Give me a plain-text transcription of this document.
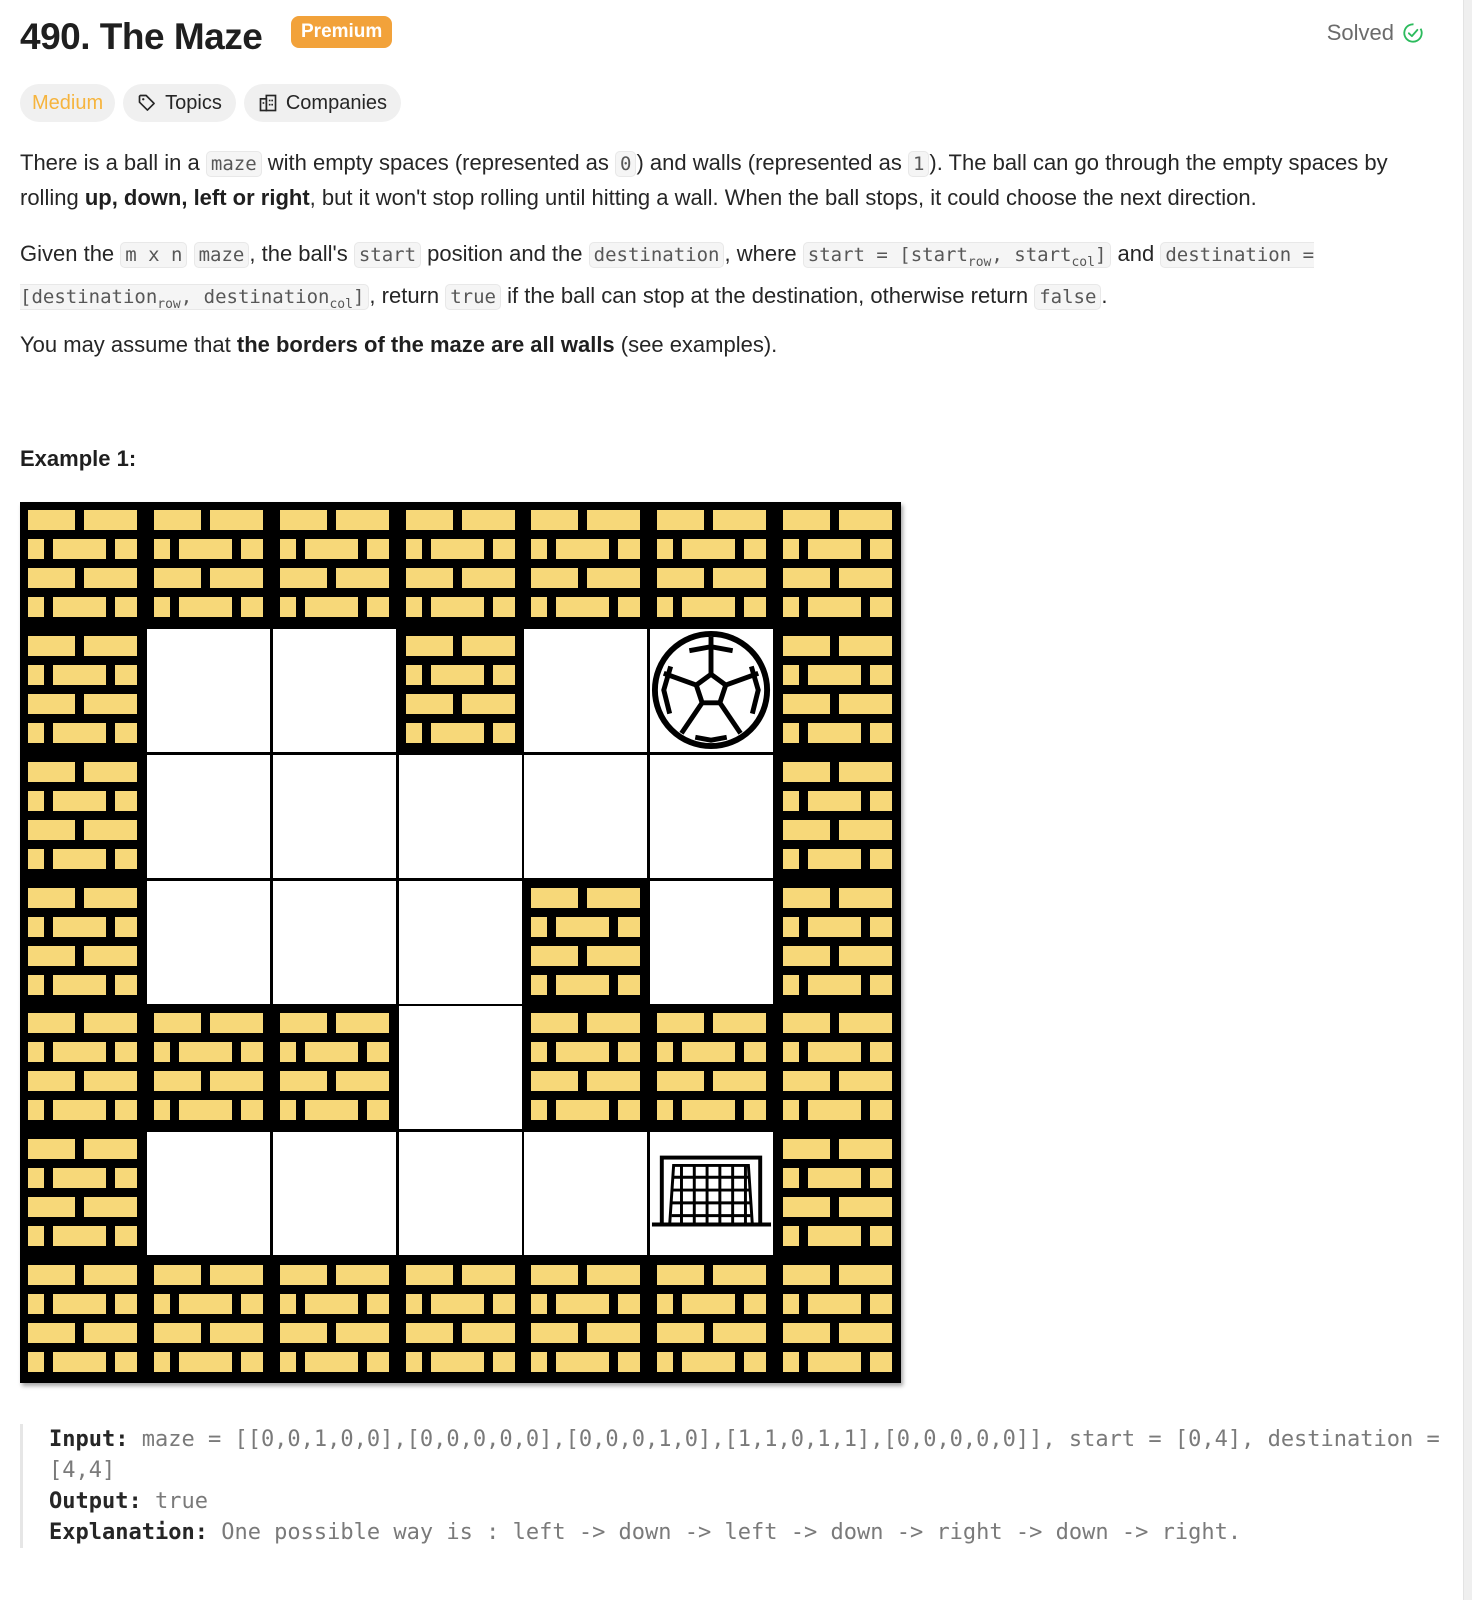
490. The Maze	Premium	Solved
Medium	Topics	Companies

There is a ball in a maze with empty spaces (represented as 0 ) and walls (represented as 1 ). The ball can go through the empty spaces by rolling up, down, left or right, but it won't stop rolling until hitting a wall. When the ball stops, it could choose the next direction.

Given the m x n maze , the ball's start position and the destination , where start = [start$_{row}$, start$_{col}$] and destination = [destination$_{row}$, destination$_{col}$] , return true if the ball can stop at the destination, otherwise return false .

You may assume that the borders of the maze are all walls (see examples).

Example 1:
Input: maze = [[0,0,1,0,0],[0,0,0,0,0],[0,0,0,1,0],[1,1,0,1,1],[0,0,0,0,0]], start = [0,4], destination = [4,4]
Output: true
Explanation: One possible way is : left -> down -> left -> down -> right -> down -> right.
